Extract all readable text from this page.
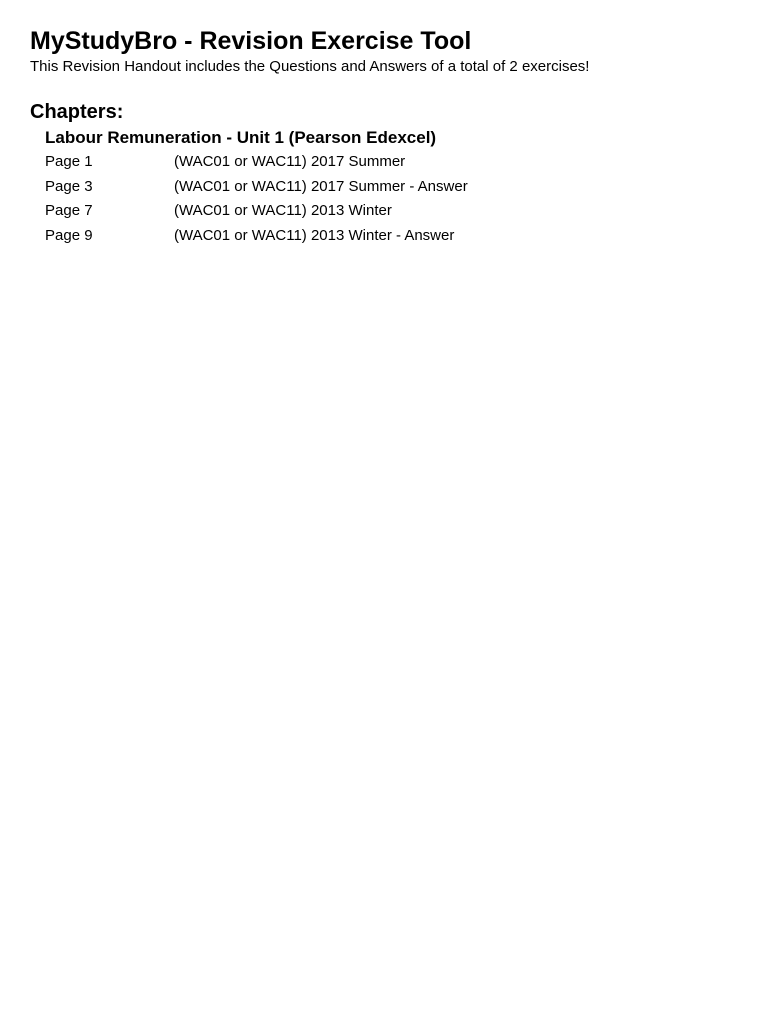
MyStudyBro - Revision Exercise Tool

This Revision Handout includes the Questions and Answers of a total of 2 exercises!

Chapters:
Labour Remuneration - Unit 1 (Pearson Edexcel)
Page 1	(WAC01 or WAC11) 2017 Summer
Page 3	(WAC01 or WAC11) 2017 Summer - Answer
Page 7	(WAC01 or WAC11) 2013 Winter
Page 9	(WAC01 or WAC11) 2013 Winter - Answer
